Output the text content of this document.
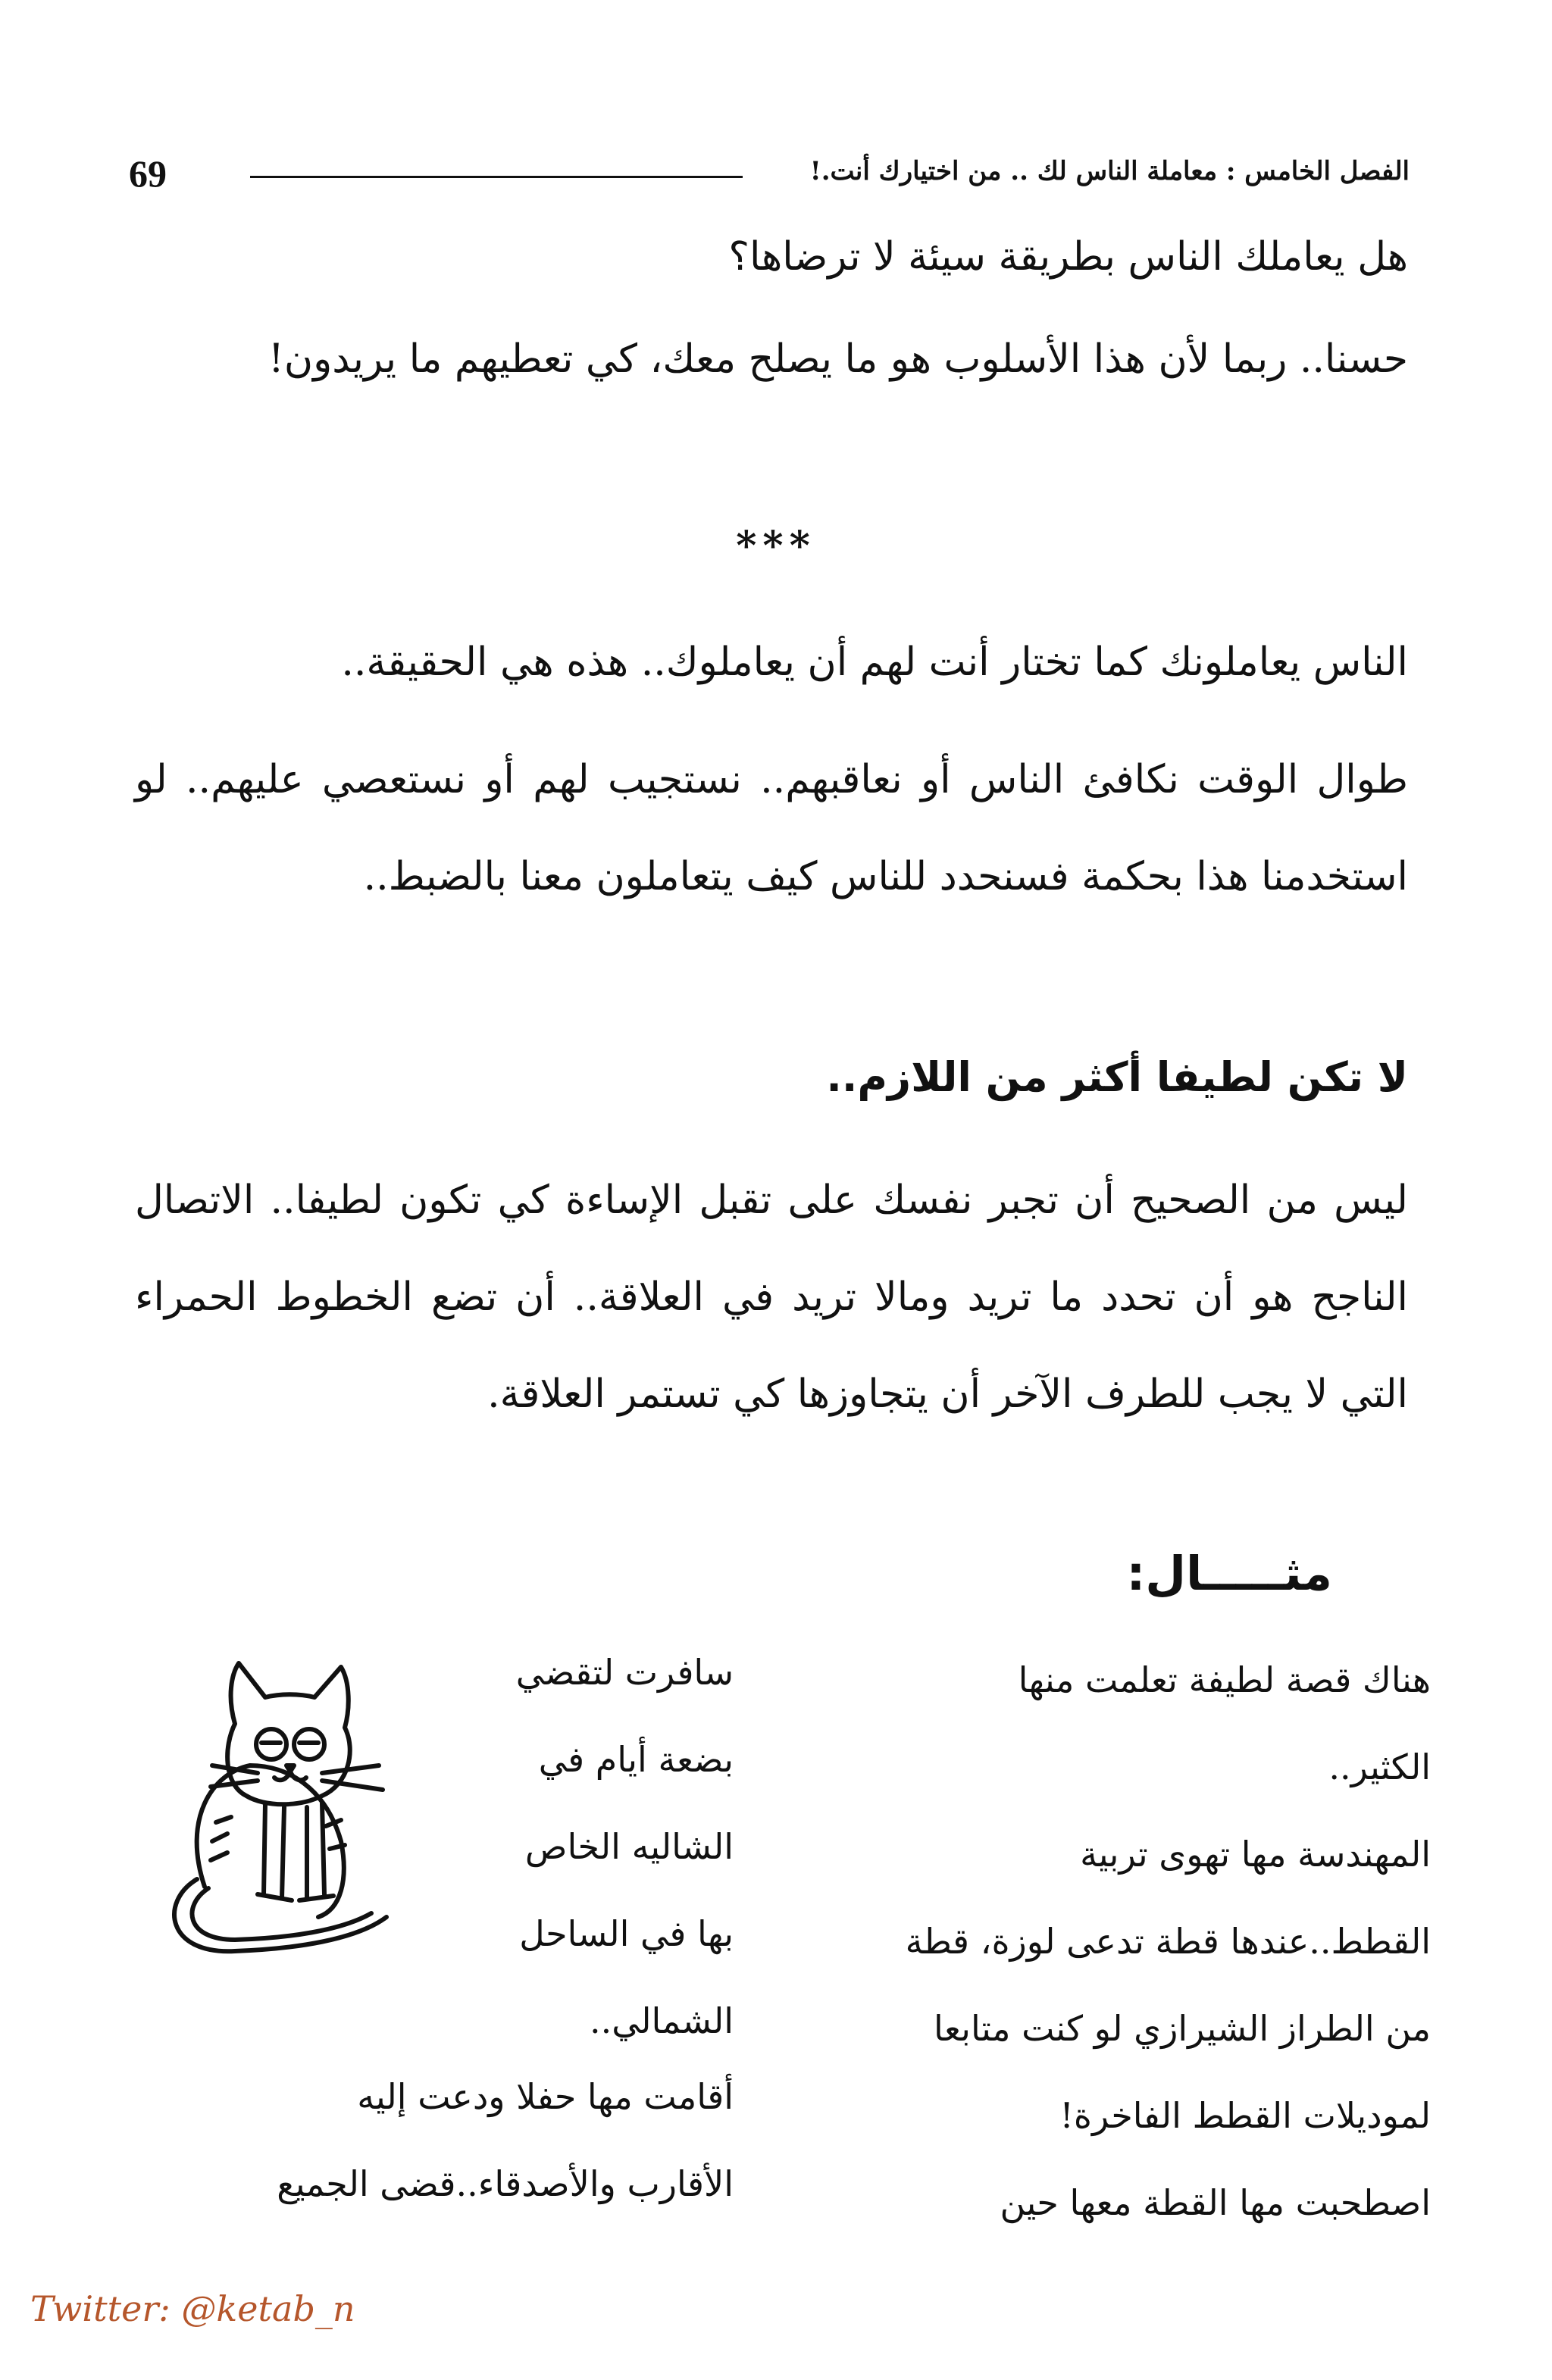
69	الفصل الخامس : معاملة الناس لك .. من اختيارك أنت.!
هل يعاملك الناس بطريقة سيئة لا ترضاها؟
حسنا.. ربما لأن هذا الأسلوب هو ما يصلح معك، كي تعطيهم ما يريدون!
***
الناس يعاملونك كما تختار أنت لهم أن يعاملوك.. هذه هي الحقيقة..
طوال الوقت نكافئ الناس أو نعاقبهم.. نستجيب لهم أو نستعصي عليهم.. لو استخدمنا هذا بحكمة فسنحدد للناس كيف يتعاملون معنا بالضبط..
لا تكن لطيفا أكثر من اللازم..
ليس من الصحيح أن تجبر نفسك على تقبل الإساءة كي تكون لطيفا.. الاتصال الناجح هو أن تحدد ما تريد ومالا تريد في العلاقة.. أن تضع الخطوط الحمراء التي لا يجب للطرف الآخر أن يتجاوزها كي تستمر العلاقة.
مثـــــال:
هناك قصة لطيفة تعلمت منها
الكثير..
المهندسة مها تهوى تربية
القطط..عندها قطة تدعى لوزة، قطة
من الطراز الشيرازي لو كنت متابعا
لموديلات القطط الفاخرة!
اصطحبت مها القطة معها حين
سافرت لتقضي
بضعة أيام في
الشاليه الخاص
بها في الساحل
الشمالي..
أقامت مها حفلا ودعت إليه
الأقارب والأصدقاء..قضى الجميع
Twitter: @ketab_n
